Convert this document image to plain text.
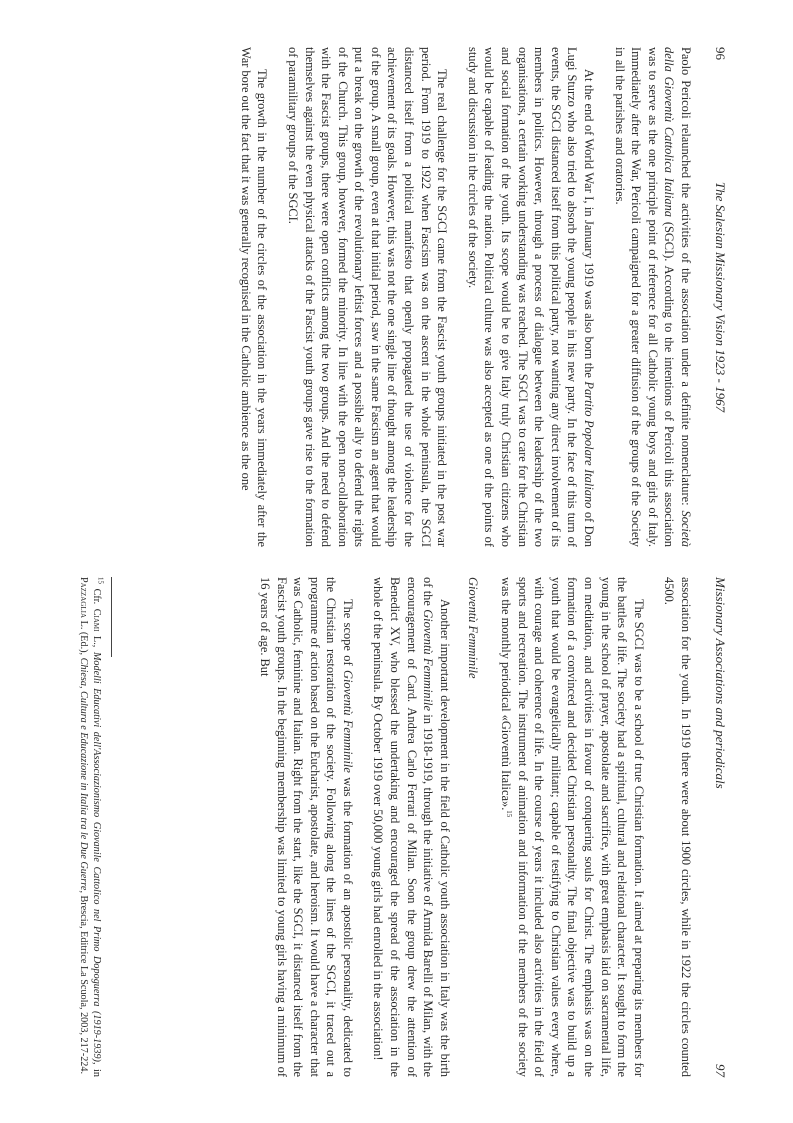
96
The Salesian Missionary Vision 1923 - 1967

Paolo Pericoli relaunched the activities of the association under a definite nomenclature: Società della Gioventù Cattolica Italiana (SGCI). According to the intentions of Pericoli this association was to serve as the one principle point of reference for all Catholic young boys and girls of Italy. Immediately after the War, Pericoli campaigned for a greater diffusion of the groups of the Society in all the parishes and oratories.

At the end of World War I, in January 1919 was also born the Partito Popolare Italiano of Don Lugi Sturzo who also tried to absorb the young people in his new party. In the face of this turn of events, the SGCI distanced itself from this political party, not wanting any direct involvement of its members in politics. However, through a process of dialogue between the leadership of the two organisations, a certain working understanding was reached. The SGCI was to care for the Christian and social formation of the youth. Its scope would be to give Italy truly Christian citizens who would be capable of leading the nation. Political culture was also accepted as one of the points of study and discussion in the circles of the society.

The real challenge for the SGCI came from the Fascist youth groups initiated in the post war period. From 1919 to 1922 when Fascism was on the ascent in the whole peninsula, the SGCI distanced itself from a political manifesto that openly propagated the use of violence for the achievement of its goals. However, this was not the one single line of thought among the leadership of the group. A small group, even at that initial period, saw in the same Fascism an agent that would put a break on the growth of the revolutionary leftist forces and a possible ally to defend the rights of the Church. This group, however, formed the minority. In line with the open non-collaboration with the Fascist groups, there were open conflicts among the two groups. And the need to defend themselves against the even physical attacks of the Fascist youth groups gave rise to the formation of paramilitary groups of the SGCI.

The growth in the number of the circles of the association in the years immediately after the War bore out the fact that it was generally recognised in the Catholic ambience as the one

Missionary Associations and periodicals
97

association for the youth. In 1919 there were about 1900 circles, while in 1922 the circles counted 4500.

The SGCI was to be a school of true Christian formation. It aimed at preparing its members for the battles of life. The society had a spiritual, cultural and relational character. It sought to form the young in the school of prayer, apostolate and sacrifice, with great emphasis laid on sacramental life, on meditation, and activities in favour of conquering souls for Christ. The emphasis was on the formation of a convinced and decided Christian personality. The final objective was to build up a youth that would be evangelically militant; capable of testifying to Christian values every where, with courage and coherence of life. In the course of years it included also activities in the field of sports and recreation. The instrument of animation and information of the members of the society was the monthly periodical «Gioventù Italica».$^{15}$

Gioventù Femminile

Another important development in the field of Catholic youth association in Italy was the birth of the Gioventù Femminile in 1918-1919, through the initiative of Armida Barelli of Milan, with the encouragement of Card. Andrea Carlo Ferrari of Milan. Soon the group drew the attention of Benedict XV, who blessed the undertaking and encouraged the spread of the association in the whole of the peninsula. By October 1919 over 50,000 young girls had enrolled in the association!

The scope of Gioventù Femminile was the formation of an apostolic personality, dedicated to the Christian restoration of the society. Following along the lines of the SGCI, it traced out a programme of action based on the Eucharist, apostolate, and heroism. It would have a character that was Catholic, feminine and Italian. Right from the start, like the SGCI, it distanced itself from the Fascist youth groups. In the beginning membership was limited to young girls having a minimum of 16 years of age. But

$^{15}$ Cfr. Ciami L., Modelli Educativi dell'Associazionismo Giovanile Cattolico nel Primo Dopoguerra (1919-1939), in Pazzaglia L. (Ed.), Chiesa, Cultura e Educazione in Italia tra le Due Guerre, Brescia, Editrice La Scuola, 2003, 217-224.
